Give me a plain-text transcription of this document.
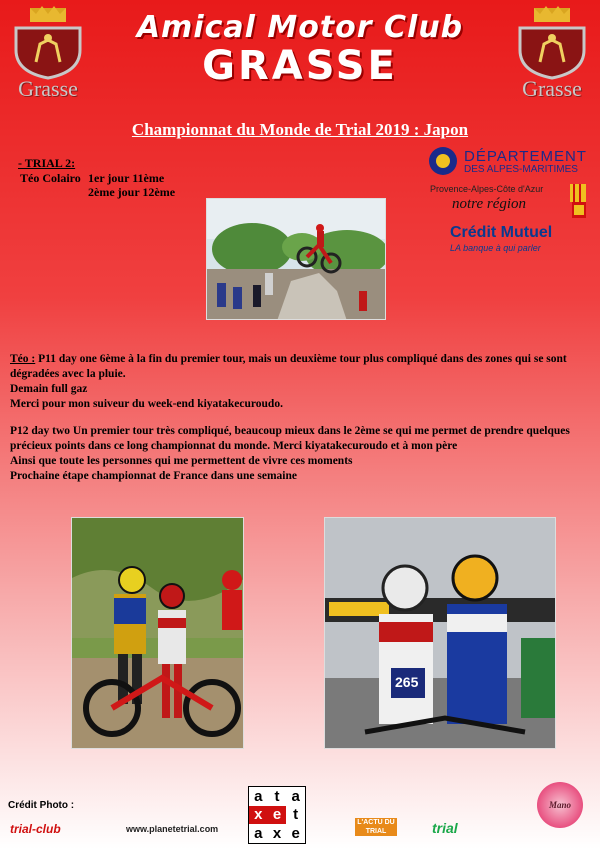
Grasse	Grasse
Amical Motor Club
GRASSE
Championnat du Monde de Trial 2019 : Japon
- TRIAL 2:
Téo Colairo 1er jour 11ème
2ème jour 12ème
DÉPARTEMENT
DES ALPES-MARITIMES
Provence-Alpes-Côte d'Azur
notre région
Crédit Mutuel
LA banque à qui parler
Téo : P11 day one 6ème à la fin du premier tour, mais un deuxième tour plus compliqué dans des zones qui se sont dégradées avec la pluie.
Demain full gaz
Merci pour mon suiveur du week-end kiyatakecuroudo.
P12 day two Un premier tour très compliqué, beaucoup mieux dans le 2ème se qui me permet de prendre quelques précieux points dans ce long championnat du monde. Merci kiyatakecuroudo et à mon père
Ainsi que toute les personnes qui me permettent de vivre ces moments
Prochaine étape championnat de France dans une semaine
265
Crédit Photo :
trial-club	www.planetetrial.com
a t a
x e t
a x e
L'ACTU DU TRIAL	trial
Mano
